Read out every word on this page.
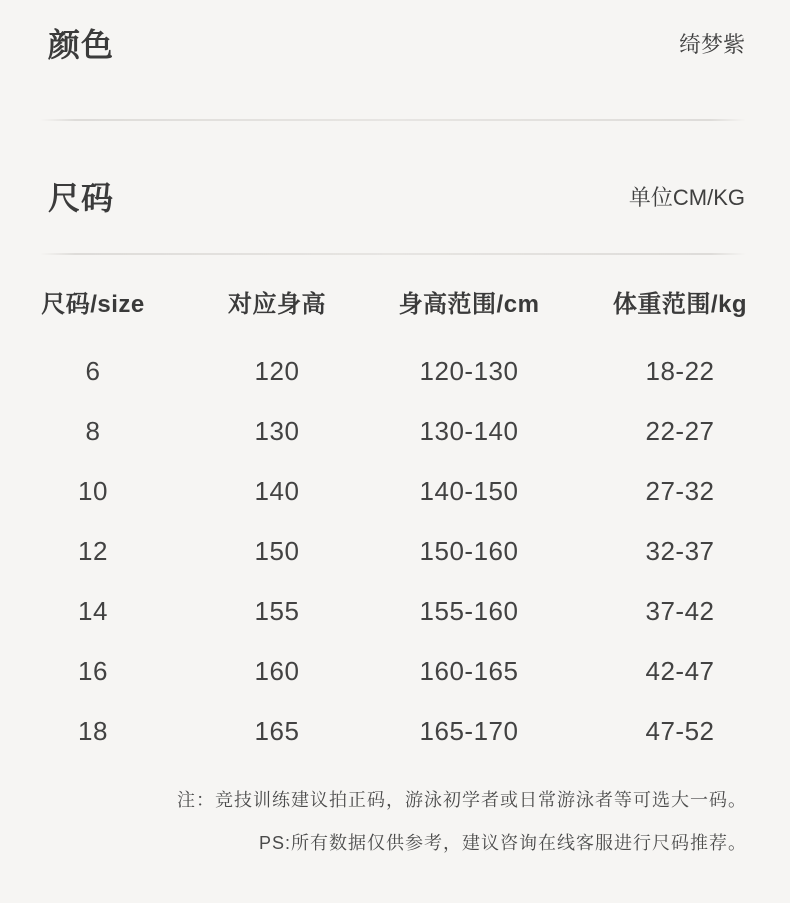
颜色	绮梦紫
尺码	单位CM/KG
尺码/size	对应身高	身高范围/cm	体重范围/kg
6	120	120-130	18-22
8	130	130-140	22-27
10	140	140-150	27-32
12	150	150-160	32-37
14	155	155-160	37-42
16	160	160-165	42-47
18	165	165-170	47-52
注：竞技训练建议拍正码，游泳初学者或日常游泳者等可选大一码。
PS:所有数据仅供参考，建议咨询在线客服进行尺码推荐。
